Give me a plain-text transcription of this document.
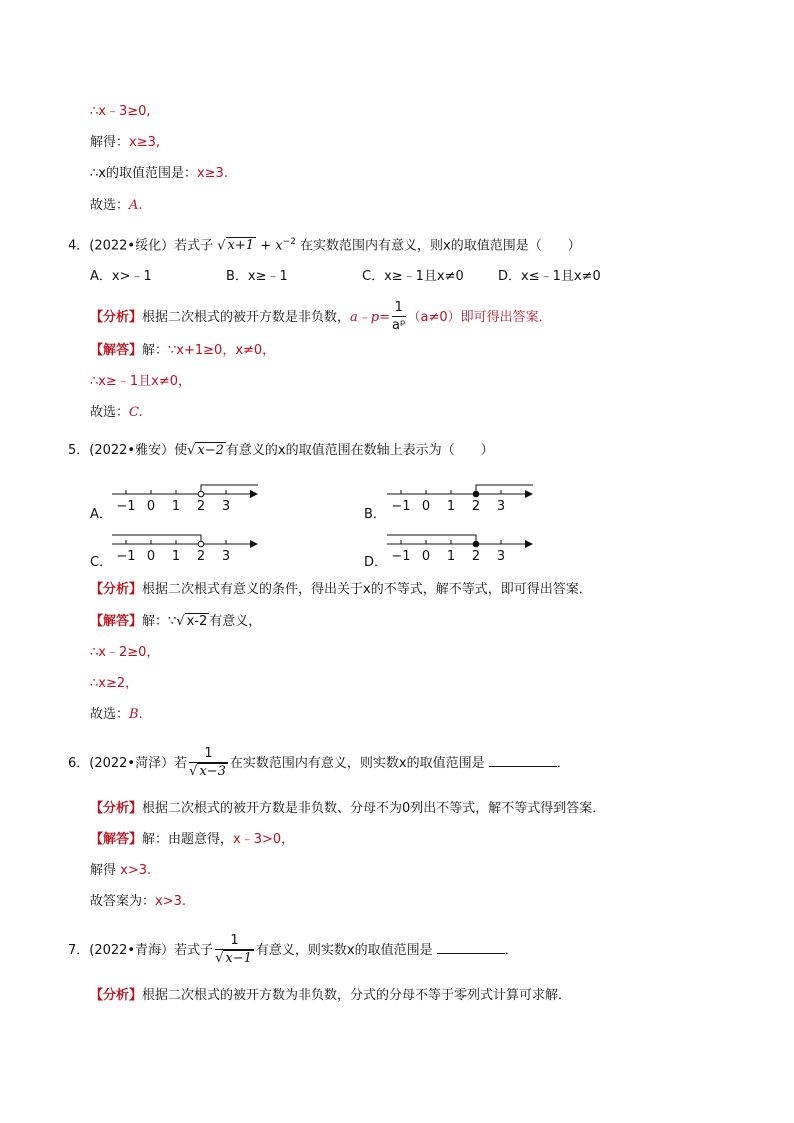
∴x﹣3≥0,
解得：x≥3,
∴x的取值范围是：x≥3.
故选：A.
4．(2022•绥化）若式子 √ $x+1 + x^{-2}$ 在实数范围内有意义，则x的取值范围是（　　）
A．x>﹣1	B．x≥﹣1	C．x≥﹣1且x≠0	D．x≤﹣1且x≠0
【分析】根据二次根式的被开方数是非负数，a﹣p= $\frac{1}{\text{aᵖ}} (a\ne 0)$即可得出答案．
【解答】解：∵x+1≥0，x≠0，
∴x≥﹣1且x≠0，
故选：C.
5．(2022•雅安）使√ x−2 有意义的x的取值范围在数轴上表示为（　　）
A．	B．
C．	D．
−1 0 1 2 3	−1 0 1 2 3
−1 0 1 2 3	−1 0 1 2 3
【分析】根据二次根式有意义的条件，得出关于x的不等式，解不等式，即可得出答案．
【解答】解：∵√ x-2 有意义，
∴x﹣2≥0，
∴x≥2，
故选：B.
6．(2022•菏泽）若 $\frac{1}{√ x-3}$ 在实数范围内有意义，则实数x的取值范围是	．
【分析】根据二次根式的被开方数是非负数、分母不为0列出不等式，解不等式得到答案．
【解答】解：由题意得，x﹣3>0，
解得 x>3.
故答案为：x>3.
7．(2022•青海）若式子 $\frac{1}{√ x-1}$ 有意义，则实数x的取值范围是	．
【分析】根据二次根式的被开方数为非负数，分式的分母不等于零列式计算可求解．
